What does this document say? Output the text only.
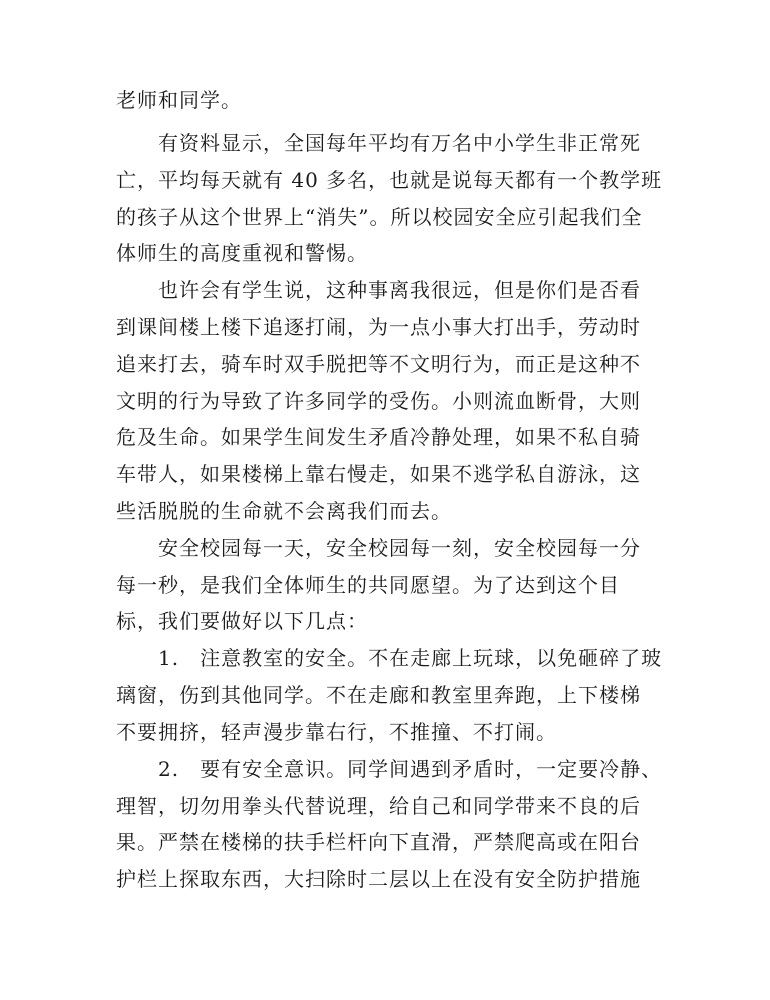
老师和同学。
有资料显示，全国每年平均有万名中小学生非正常死
亡，平均每天就有 40 多名，也就是说每天都有一个教学班
的孩子从这个世界上“消失”。所以校园安全应引起我们全
体师生的高度重视和警惕。
也许会有学生说，这种事离我很远，但是你们是否看
到课间楼上楼下追逐打闹，为一点小事大打出手，劳动时
追来打去，骑车时双手脱把等不文明行为，而正是这种不
文明的行为导致了许多同学的受伤。小则流血断骨，大则
危及生命。如果学生间发生矛盾冷静处理，如果不私自骑
车带人，如果楼梯上靠右慢走，如果不逃学私自游泳，这
些活脱脱的生命就不会离我们而去。
安全校园每一天，安全校园每一刻，安全校园每一分
每一秒，是我们全体师生的共同愿望。为了达到这个目
标，我们要做好以下几点：
1.　注意教室的安全。不在走廊上玩球，以免砸碎了玻
璃窗，伤到其他同学。不在走廊和教室里奔跑，上下楼梯
不要拥挤，轻声漫步靠右行，不推撞、不打闹。
2.　要有安全意识。同学间遇到矛盾时，一定要冷静、
理智，切勿用拳头代替说理，给自己和同学带来不良的后
果。严禁在楼梯的扶手栏杆向下直滑，严禁爬高或在阳台
护栏上探取东西，大扫除时二层以上在没有安全防护措施
